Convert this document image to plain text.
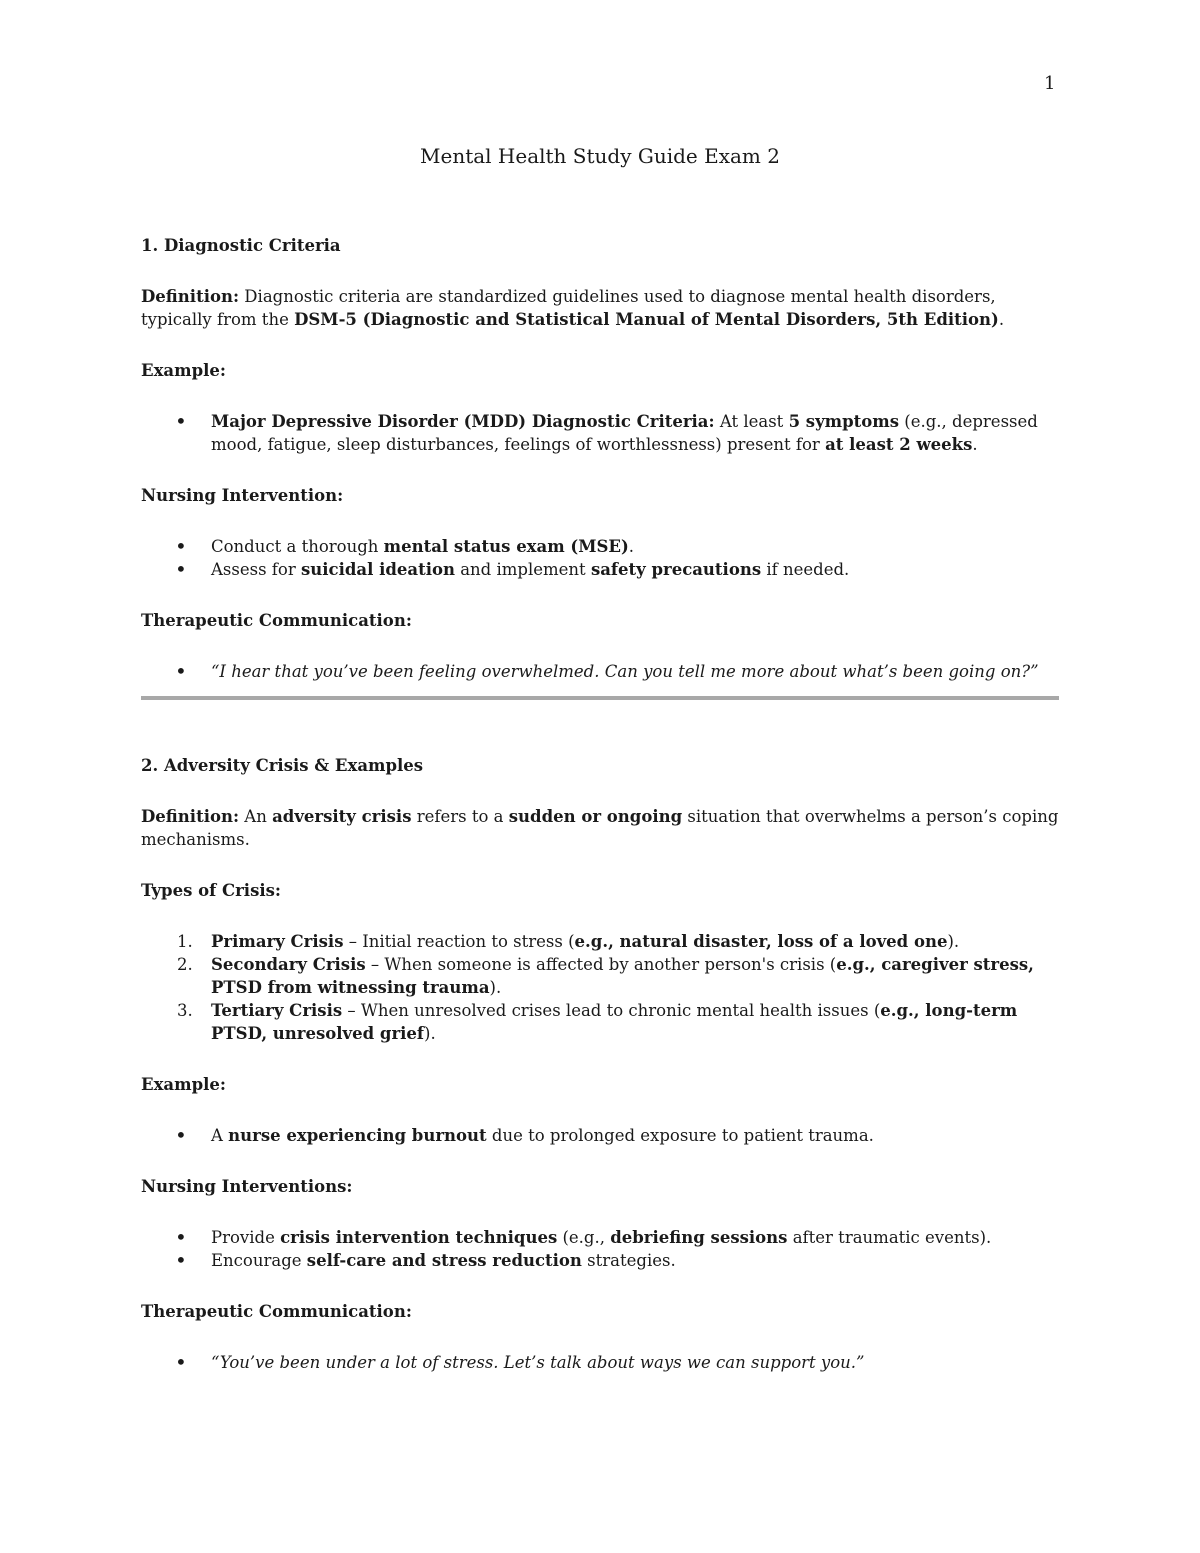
1
Mental Health Study Guide Exam 2

1. Diagnostic Criteria

Definition: Diagnostic criteria are standardized guidelines used to diagnose mental health disorders, typically from the DSM-5 (Diagnostic and Statistical Manual of Mental Disorders, 5th Edition).

Example:

•
Major Depressive Disorder (MDD) Diagnostic Criteria: At least 5 symptoms (e.g., depressed mood, fatigue, sleep disturbances, feelings of worthlessness) present for at least 2 weeks.

Nursing Intervention:

•
Conduct a thorough mental status exam (MSE).
•
Assess for suicidal ideation and implement safety precautions if needed.

Therapeutic Communication:

•
“I hear that you’ve been feeling overwhelmed. Can you tell me more about what’s been going on?”

2. Adversity Crisis & Examples

Definition: An adversity crisis refers to a sudden or ongoing situation that overwhelms a person’s coping mechanisms.

Types of Crisis:

1.	Primary Crisis – Initial reaction to stress (e.g., natural disaster, loss of a loved one).
2.	Secondary Crisis – When someone is affected by another person's crisis (e.g., caregiver stress, PTSD from witnessing trauma).
3.	Tertiary Crisis – When unresolved crises lead to chronic mental health issues (e.g., long-term PTSD, unresolved grief).

Example:

•
A nurse experiencing burnout due to prolonged exposure to patient trauma.

Nursing Interventions:

•
Provide crisis intervention techniques (e.g., debriefing sessions after traumatic events).
•
Encourage self-care and stress reduction strategies.

Therapeutic Communication:

•
“You’ve been under a lot of stress. Let’s talk about ways we can support you.”
